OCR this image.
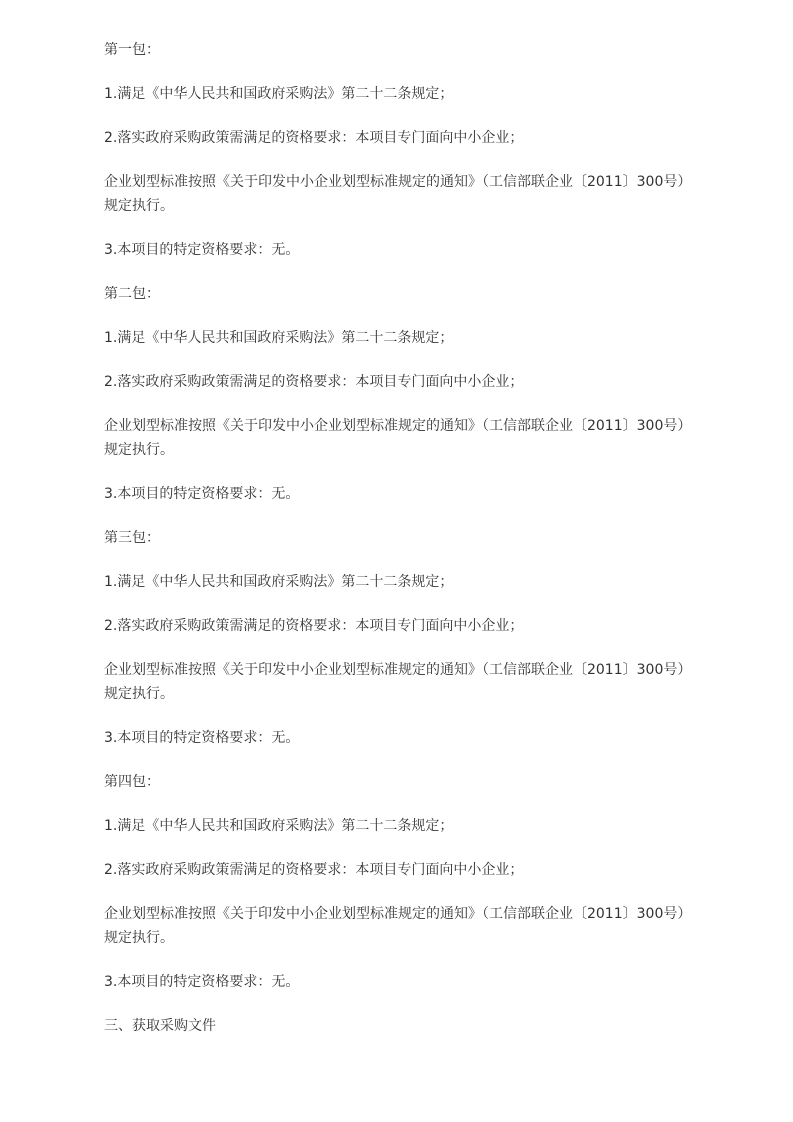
第一包：

1.满足《中华人民共和国政府采购法》第二十二条规定；

2.落实政府采购政策需满足的资格要求：本项目专门面向中小企业；

企业划型标准按照《关于印发中小企业划型标准规定的通知》（工信部联企业〔2011〕300号）规定执行。

3.本项目的特定资格要求：无。

第二包：

1.满足《中华人民共和国政府采购法》第二十二条规定；

2.落实政府采购政策需满足的资格要求：本项目专门面向中小企业；

企业划型标准按照《关于印发中小企业划型标准规定的通知》（工信部联企业〔2011〕300号）规定执行。

3.本项目的特定资格要求：无。

第三包：

1.满足《中华人民共和国政府采购法》第二十二条规定；

2.落实政府采购政策需满足的资格要求：本项目专门面向中小企业；

企业划型标准按照《关于印发中小企业划型标准规定的通知》（工信部联企业〔2011〕300号）规定执行。

3.本项目的特定资格要求：无。

第四包：

1.满足《中华人民共和国政府采购法》第二十二条规定；

2.落实政府采购政策需满足的资格要求：本项目专门面向中小企业；

企业划型标准按照《关于印发中小企业划型标准规定的通知》（工信部联企业〔2011〕300号）规定执行。

3.本项目的特定资格要求：无。

三、获取采购文件
